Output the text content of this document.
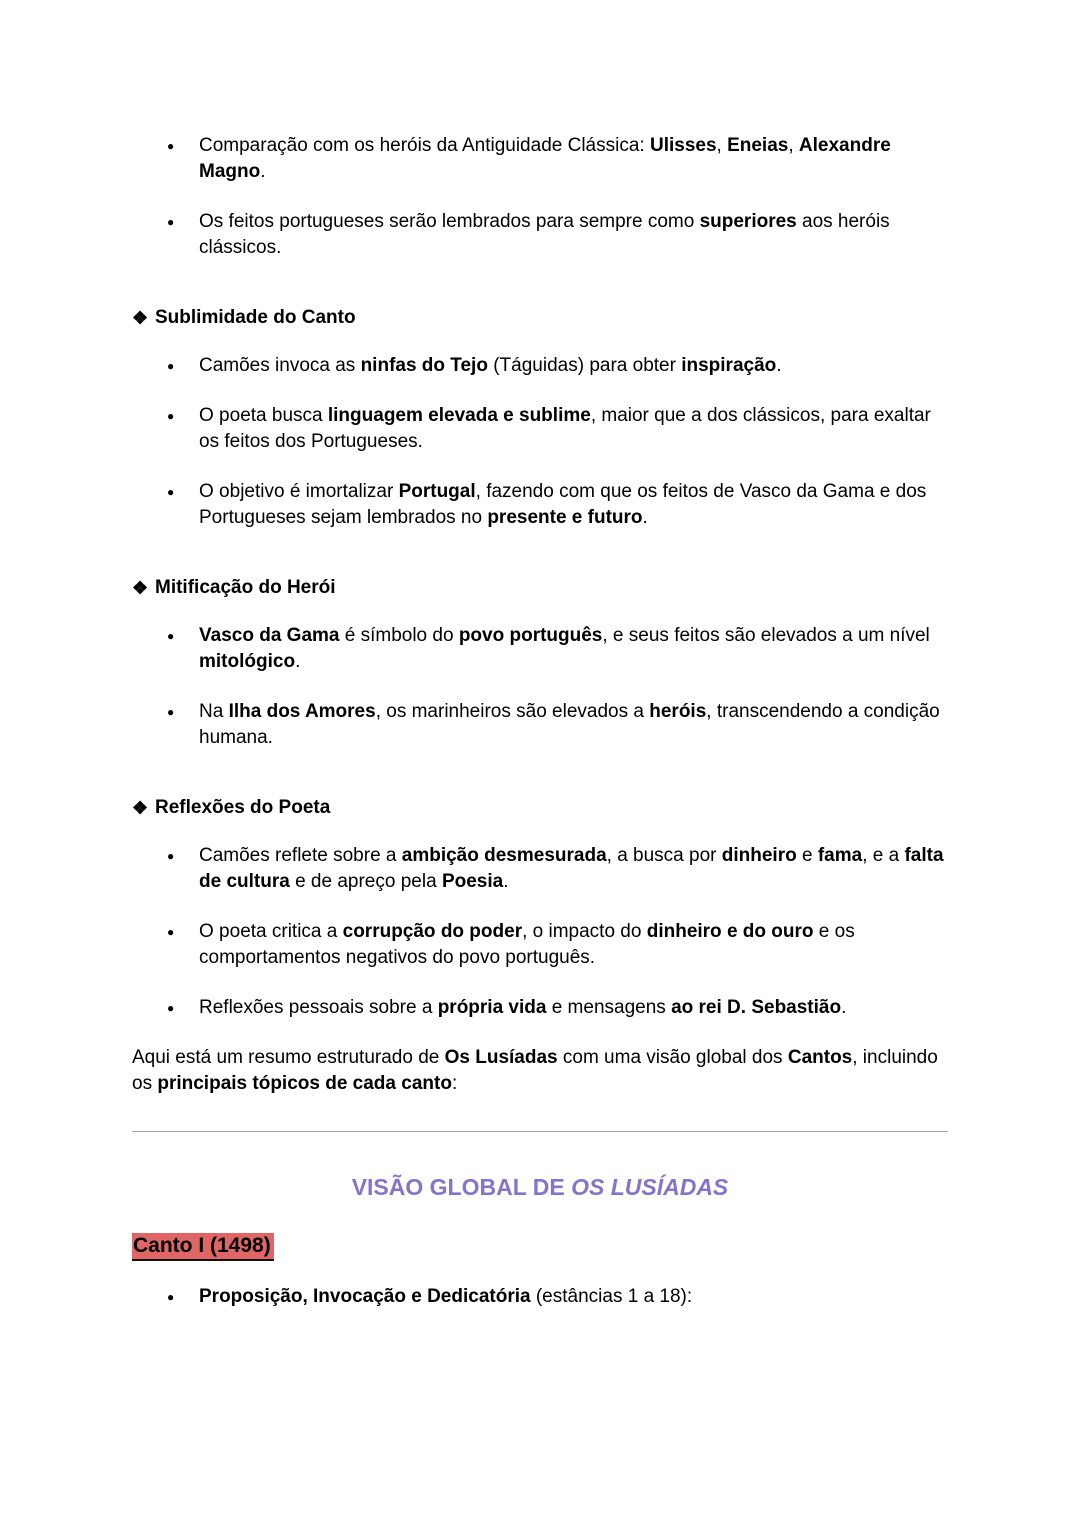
●	Comparação com os heróis da Antiguidade Clássica: Ulisses, Eneias, Alexandre Magno.
●	Os feitos portugueses serão lembrados para sempre como superiores aos heróis clássicos.
❖ Sublimidade do Canto
●	Camões invoca as ninfas do Tejo (Táguidas) para obter inspiração.
●	O poeta busca linguagem elevada e sublime, maior que a dos clássicos, para exaltar os feitos dos Portugueses.
●	O objetivo é imortalizar Portugal, fazendo com que os feitos de Vasco da Gama e dos Portugueses sejam lembrados no presente e futuro.
❖ Mitificação do Herói
●	Vasco da Gama é símbolo do povo português, e seus feitos são elevados a um nível mitológico.
●	Na Ilha dos Amores, os marinheiros são elevados a heróis, transcendendo a condição humana.
❖ Reflexões do Poeta
●	Camões reflete sobre a ambição desmesurada, a busca por dinheiro e fama, e a falta de cultura e de apreço pela Poesia.
●	O poeta critica a corrupção do poder, o impacto do dinheiro e do ouro e os comportamentos negativos do povo português.
●	Reflexões pessoais sobre a própria vida e mensagens ao rei D. Sebastião.
Aqui está um resumo estruturado de Os Lusíadas com uma visão global dos Cantos, incluindo os principais tópicos de cada canto:
VISÃO GLOBAL DE OS LUSÍADAS
Canto I (1498)
●	Proposição, Invocação e Dedicatória (estâncias 1 a 18):
